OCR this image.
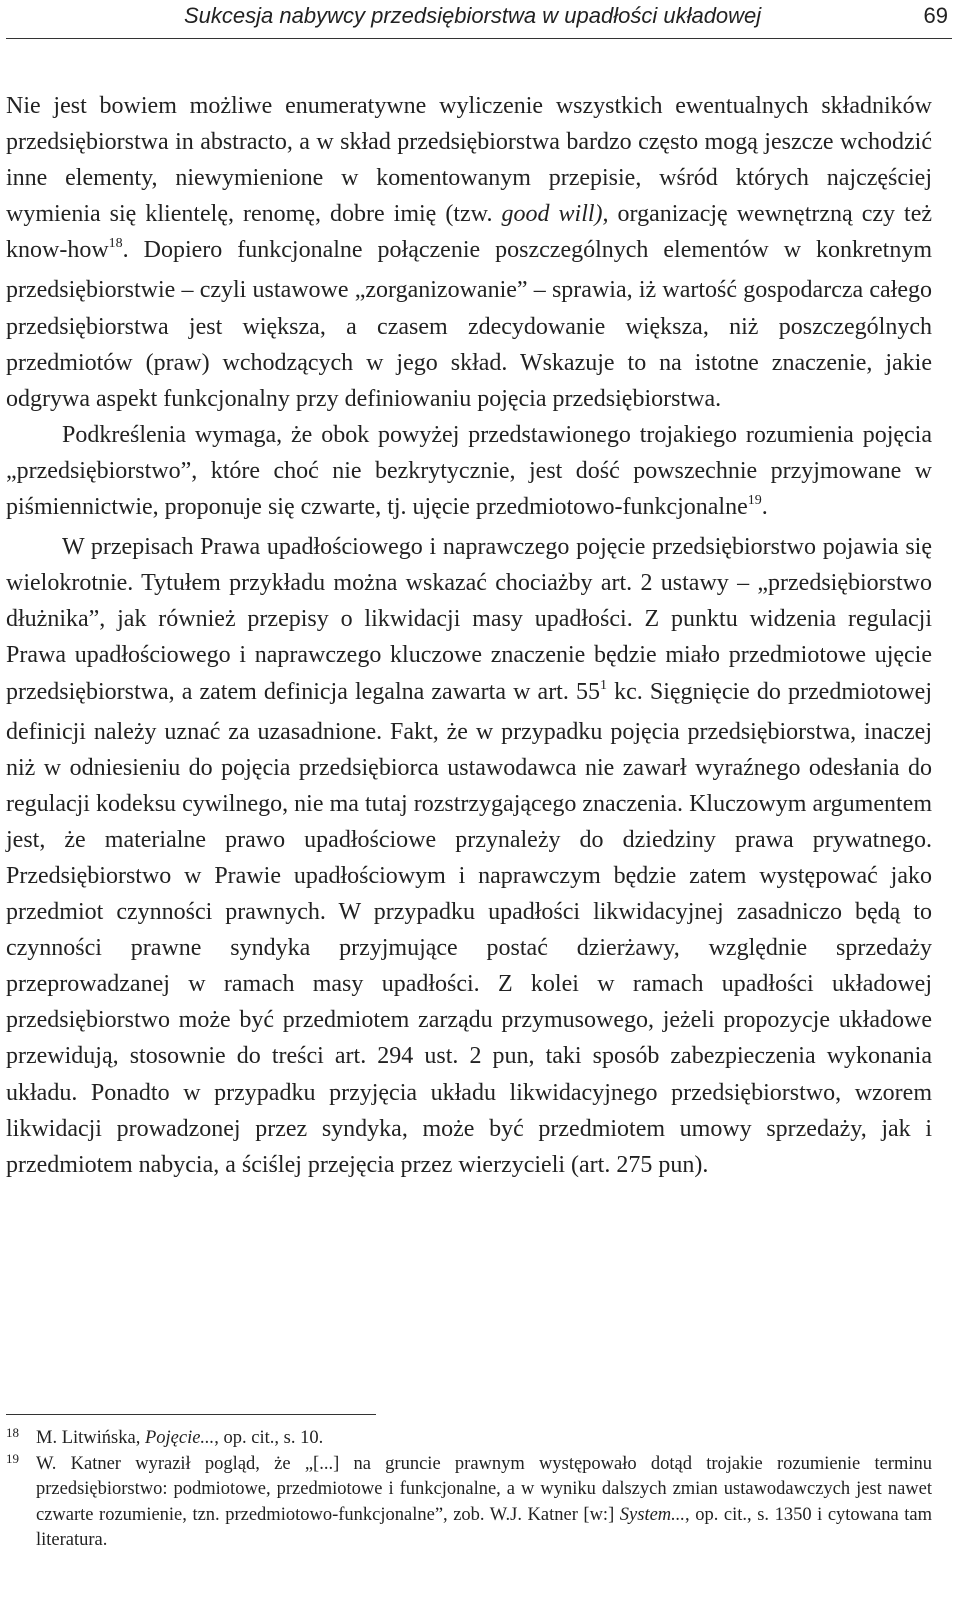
Sukcesja nabywcy przedsiębiorstwa w upadłości układowej	69

Nie jest bowiem możliwe enumeratywne wyliczenie wszystkich ewentualnych składników przedsiębiorstwa in abstracto, a w skład przedsiębiorstwa bardzo często mogą jeszcze wchodzić inne elementy, niewymienione w komentowanym przepisie, wśród których najczęściej wymienia się klientelę, renomę, dobre imię (tzw. good will), organizację wewnętrzną czy też know-how$^{18}$. Dopiero funkcjonalne połączenie poszczególnych elementów w konkretnym przedsiębiorstwie – czyli ustawowe „zorganizowanie” – sprawia, iż wartość gospodarcza całego przedsiębiorstwa jest większa, a czasem zdecydowanie większa, niż poszczególnych przedmiotów (praw) wchodzących w jego skład. Wskazuje to na istotne znaczenie, jakie odgrywa aspekt funkcjonalny przy definiowaniu pojęcia przedsiębiorstwa.

Podkreślenia wymaga, że obok powyżej przedstawionego trojakiego rozumienia pojęcia „przedsiębiorstwo”, które choć nie bezkrytycznie, jest dość powszechnie przyjmowane w piśmiennictwie, proponuje się czwarte, tj. ujęcie przedmiotowo-funkcjonalne$^{19}$.

W przepisach Prawa upadłościowego i naprawczego pojęcie przedsiębiorstwo pojawia się wielokrotnie. Tytułem przykładu można wskazać chociażby art. 2 ustawy – „przedsiębiorstwo dłużnika”, jak również przepisy o likwidacji masy upadłości. Z punktu widzenia regulacji Prawa upadłościowego i naprawczego kluczowe znaczenie będzie miało przedmiotowe ujęcie przedsiębiorstwa, a zatem definicja legalna zawarta w art. $55^1$ kc. Sięgnięcie do przedmiotowej definicji należy uznać za uzasadnione. Fakt, że w przypadku pojęcia przedsiębiorstwa, inaczej niż w odniesieniu do pojęcia przedsiębiorca ustawodawca nie zawarł wyraźnego odesłania do regulacji kodeksu cywilnego, nie ma tutaj rozstrzygającego znaczenia. Kluczowym argumentem jest, że materialne prawo upadłościowe przynależy do dziedziny prawa prywatnego. Przedsiębiorstwo w Prawie upadłościowym i naprawczym będzie zatem występować jako przedmiot czynności prawnych. W przypadku upadłości likwidacyjnej zasadniczo będą to czynności prawne syndyka przyjmujące postać dzierżawy, względnie sprzedaży przeprowadzanej w ramach masy upadłości. Z kolei w ramach upadłości układowej przedsiębiorstwo może być przedmiotem zarządu przymusowego, jeżeli propozycje układowe przewidują, stosownie do treści art. 294 ust. 2 pun, taki sposób zabezpieczenia wykonania układu. Ponadto w przypadku przyjęcia układu likwidacyjnego przedsiębiorstwo, wzorem likwidacji prowadzonej przez syndyka, może być przedmiotem umowy sprzedaży, jak i przedmiotem nabycia, a ściślej przejęcia przez wierzycieli (art. 275 pun).

18 M. Litwińska, Pojęcie..., op. cit., s. 10.
19 W. Katner wyraził pogląd, że „[...] na gruncie prawnym występowało dotąd trojakie rozumienie terminu przedsiębiorstwo: podmiotowe, przedmiotowe i funkcjonalne, a w wyniku dalszych zmian ustawodawczych jest nawet czwarte rozumienie, tzn. przedmiotowo-funkcjonalne”, zob. W.J. Katner [w:] System..., op. cit., s. 1350 i cytowana tam literatura.
